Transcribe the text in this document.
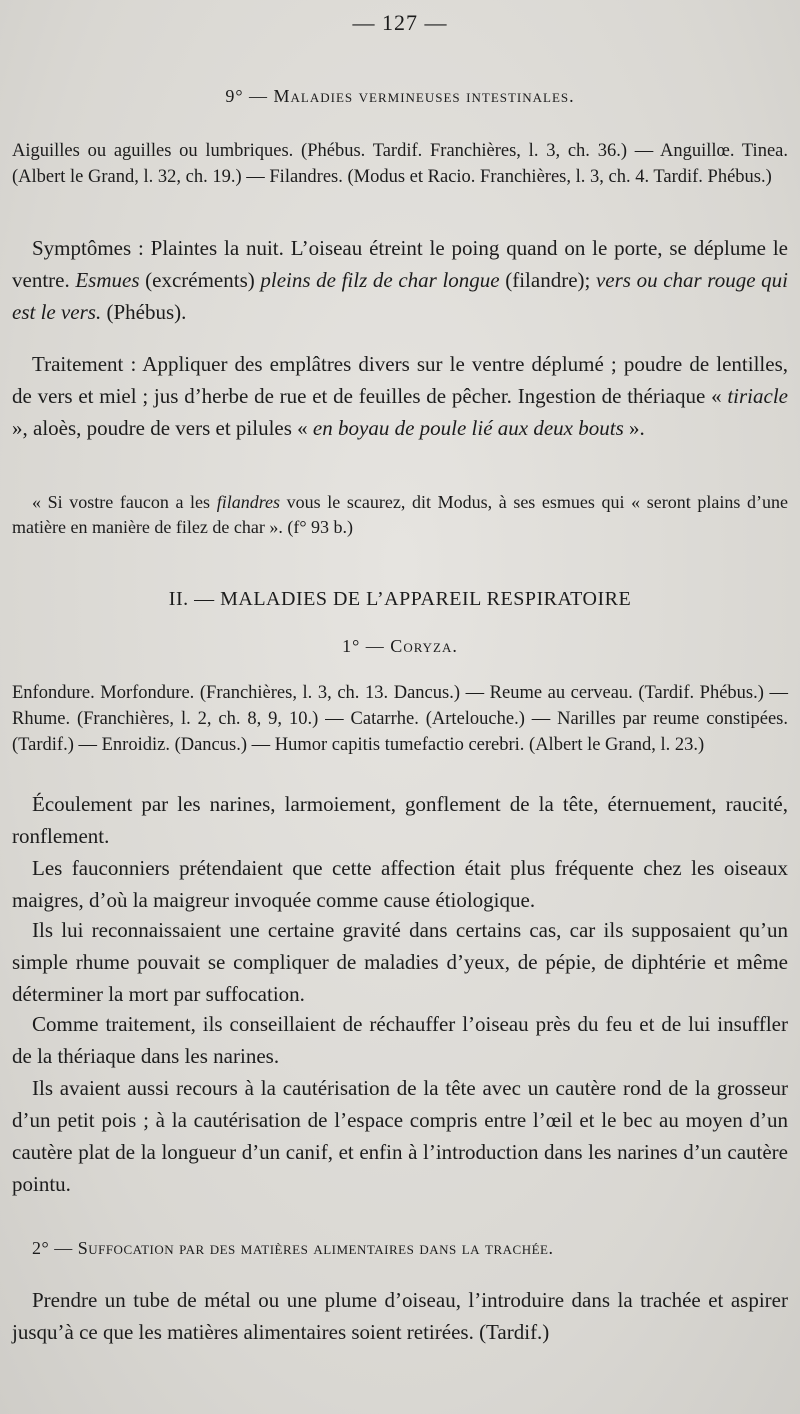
— 127 —
9° — Maladies vermineuses intestinales.

Aiguilles ou aguilles ou lumbriques. (Phébus. Tardif. Franchières, l. 3, ch. 36.) — Anguillœ. Tinea. (Albert le Grand, l. 32, ch. 19.) — Filandres. (Modus et Racio. Franchières, l. 3, ch. 4. Tardif. Phébus.)

Symptômes : Plaintes la nuit. L’oiseau étreint le poing quand on le porte, se déplume le ventre. Esmues (excréments) pleins de filz de char longue (filandre); vers ou char rouge qui est le vers. (Phébus).

Traitement : Appliquer des emplâtres divers sur le ventre déplumé ; poudre de lentilles, de vers et miel ; jus d’herbe de rue et de feuilles de pêcher. Ingestion de thériaque « tiriacle », aloès, poudre de vers et pilules « en boyau de poule lié aux deux bouts ».

« Si vostre faucon a les filandres vous le scaurez, dit Modus, à ses esmues qui « seront plains d’une matière en manière de filez de char ». (f° 93 b.)

II. — MALADIES DE L’APPAREIL RESPIRATOIRE
1° — Coryza.

Enfondure. Morfondure. (Franchières, l. 3, ch. 13. Dancus.) — Reume au cerveau. (Tardif. Phébus.) — Rhume. (Franchières, l. 2, ch. 8, 9, 10.) — Catarrhe. (Artelouche.) — Narilles par reume constipées. (Tardif.) — Enroidiz. (Dancus.) — Humor capitis tumefactio cerebri. (Albert le Grand, l. 23.)

Écoulement par les narines, larmoiement, gonflement de la tête, éternuement, raucité, ronflement.

Les fauconniers prétendaient que cette affection était plus fréquente chez les oiseaux maigres, d’où la maigreur invoquée comme cause étiologique.

Ils lui reconnaissaient une certaine gravité dans certains cas, car ils supposaient qu’un simple rhume pouvait se compliquer de maladies d’yeux, de pépie, de diphtérie et même déterminer la mort par suffocation.

Comme traitement, ils conseillaient de réchauffer l’oiseau près du feu et de lui insuffler de la thériaque dans les narines.

Ils avaient aussi recours à la cautérisation de la tête avec un cautère rond de la grosseur d’un petit pois ; à la cautérisation de l’espace compris entre l’œil et le bec au moyen d’un cautère plat de la longueur d’un canif, et enfin à l’introduction dans les narines d’un cautère pointu.

2° — Suffocation par des matières alimentaires dans la trachée.

Prendre un tube de métal ou une plume d’oiseau, l’introduire dans la trachée et aspirer jusqu’à ce que les matières alimentaires soient retirées. (Tardif.)
